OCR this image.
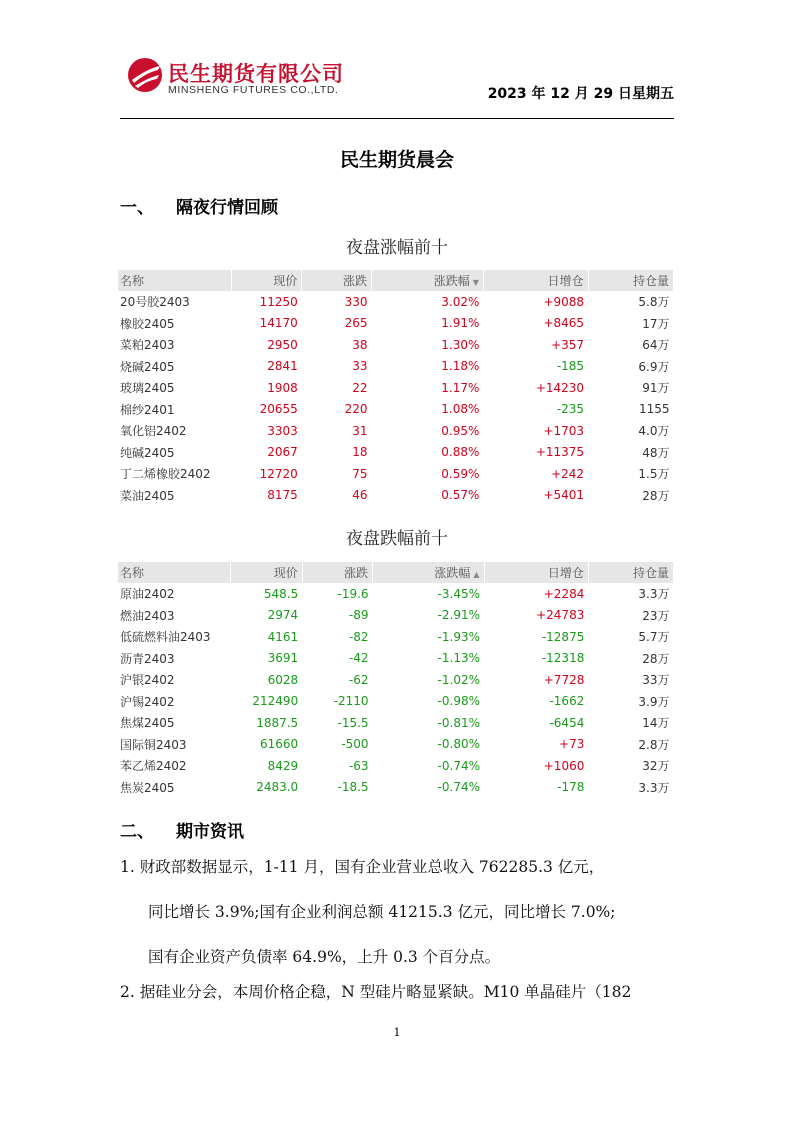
民生期货有限公司
MINSHENG FUTURES CO.,LTD.	2023 年 12 月 29 日星期五
民生期货晨会
一、 隔夜行情回顾
夜盘涨幅前十
名称	现价	涨跌	涨跌幅 ▼	日增仓	持仓量
20号胶2403	11250	330	3.02%	+9088	5.8万
橡胶2405	14170	265	1.91%	+8465	17万
菜粕2403	2950	38	1.30%	+357	64万
烧碱2405	2841	33	1.18%	-185	6.9万
玻璃2405	1908	22	1.17%	+14230	91万
棉纱2401	20655	220	1.08%	-235	1155
氧化铝2402	3303	31	0.95%	+1703	4.0万
纯碱2405	2067	18	0.88%	+11375	48万
丁二烯橡胶2402	12720	75	0.59%	+242	1.5万
菜油2405	8175	46	0.57%	+5401	28万
夜盘跌幅前十
名称	现价	涨跌	涨跌幅 ▲	日增仓	持仓量
原油2402	548.5	-19.6	-3.45%	+2284	3.3万
燃油2403	2974	-89	-2.91%	+24783	23万
低硫燃料油2403	4161	-82	-1.93%	-12875	5.7万
沥青2403	3691	-42	-1.13%	-12318	28万
沪银2402	6028	-62	-1.02%	+7728	33万
沪锡2402	212490	-2110	-0.98%	-1662	3.9万
焦煤2405	1887.5	-15.5	-0.81%	-6454	14万
国际铜2403	61660	-500	-0.80%	+73	2.8万
苯乙烯2402	8429	-63	-0.74%	+1060	32万
焦炭2405	2483.0	-18.5	-0.74%	-178	3.3万
二、 期市资讯
1. 财政部数据显示，1-11 月，国有企业营业总收入 762285.3 亿元，
同比增长 3.9%;国有企业利润总额 41215.3 亿元，同比增长 7.0%;
国有企业资产负债率 64.9%，上升 0.3 个百分点。
2. 据硅业分会，本周价格企稳，N 型硅片略显紧缺。M10 单晶硅片（182
1
